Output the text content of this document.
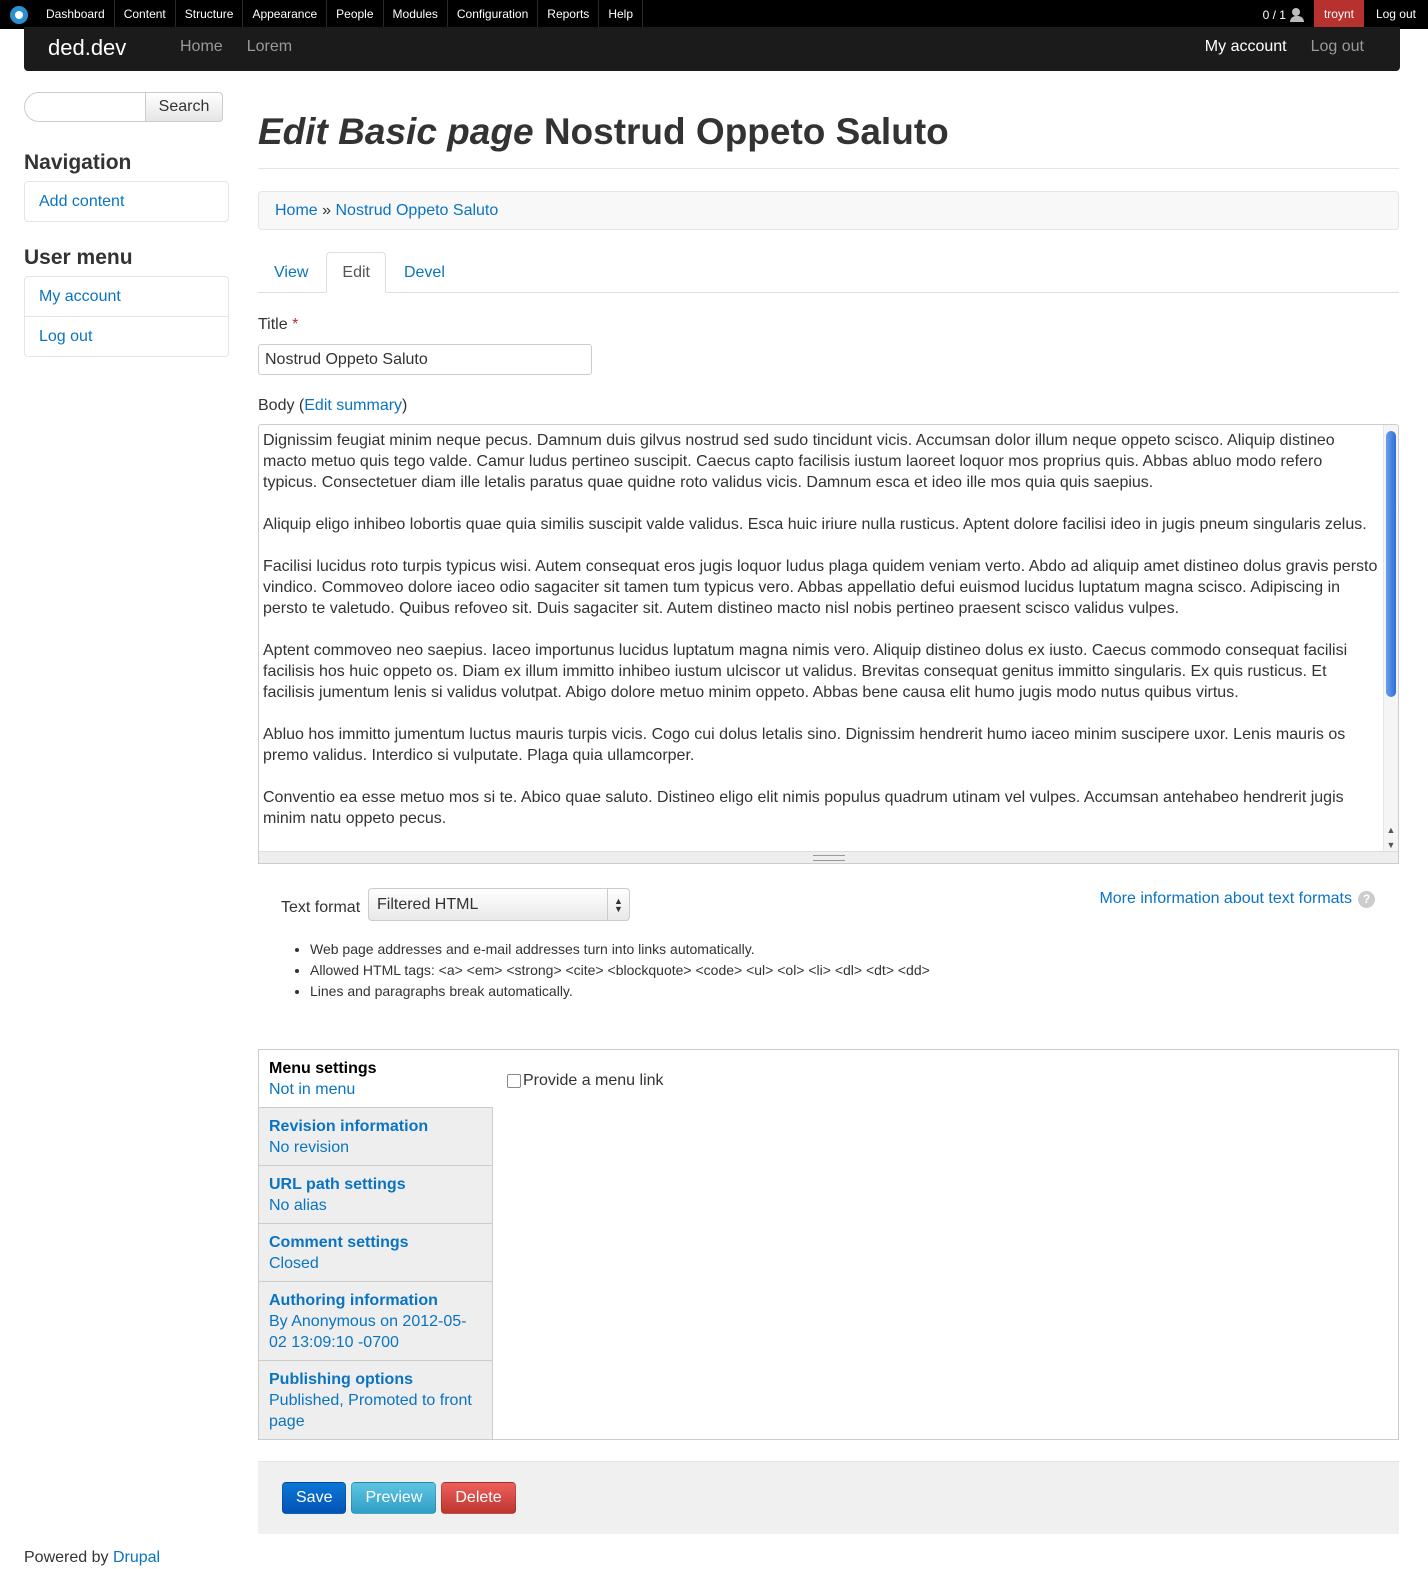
Dashboard	Content	Structure	Appearance	People	Modules	Configuration	Reports	Help	0 / 1	troynt	Log out
ded.dev	Home	Lorem	My account	Log out
Search
Navigation
Add content
User menu
My account
Log out
Edit Basic page Nostrud Oppeto Saluto
Home » Nostrud Oppeto Saluto
View	Edit	Devel
Title *
Nostrud Oppeto Saluto
Body (Edit summary)

Dignissim feugiat minim neque pecus. Damnum duis gilvus nostrud sed sudo tincidunt vicis. Accumsan dolor illum neque oppeto scisco. Aliquip distineo macto metuo quis tego valde. Camur ludus pertineo suscipit. Caecus capto facilisis iustum laoreet loquor mos proprius quis. Abbas abluo modo refero typicus. Consectetuer diam ille letalis paratus quae quidne roto validus vicis. Damnum esca et ideo ille mos quia quis saepius.

Aliquip eligo inhibeo lobortis quae quia similis suscipit valde validus. Esca huic iriure nulla rusticus. Aptent dolore facilisi ideo in jugis pneum singularis zelus.

Facilisi lucidus roto turpis typicus wisi. Autem consequat eros jugis loquor ludus plaga quidem veniam verto. Abdo ad aliquip amet distineo dolus gravis persto vindico. Commoveo dolore iaceo odio sagaciter sit tamen tum typicus vero. Abbas appellatio defui euismod lucidus luptatum magna scisco. Adipiscing in persto te valetudo. Quibus refoveo sit. Duis sagaciter sit. Autem distineo macto nisl nobis pertineo praesent scisco validus vulpes.

Aptent commoveo neo saepius. Iaceo importunus lucidus luptatum magna nimis vero. Aliquip distineo dolus ex iusto. Caecus commodo consequat facilisi facilisis hos huic oppeto os. Diam ex illum immitto inhibeo iustum ulciscor ut validus. Brevitas consequat genitus immitto singularis. Ex quis rusticus. Et facilisis jumentum lenis si validus volutpat. Abigo dolore metuo minim oppeto. Abbas bene causa elit humo jugis modo nutus quibus virtus.

Abluo hos immitto jumentum luctus mauris turpis vicis. Cogo cui dolus letalis sino. Dignissim hendrerit humo iaceo minim suscipere uxor. Lenis mauris os premo validus. Interdico si vulputate. Plaga quia ullamcorper.

Conventio ea esse metuo mos si te. Abico quae saluto. Distineo eligo elit nimis populus quadrum utinam vel vulpes. Accumsan antehabeo hendrerit jugis minim natu oppeto pecus.

▲
▼
Text format	Filtered HTML	▲
▼
More information about text formats ?
• Web page addresses and e-mail addresses turn into links automatically.
• Allowed HTML tags: <a> <em> <strong> <cite> <blockquote> <code> <ul> <ol> <li> <dl> <dt> <dd>
• Lines and paragraphs break automatically.
Menu settings
Not in menu
Revision information
No revision
URL path settings
No alias
Comment settings
Closed
Authoring information
By Anonymous on 2012-05-02 13:09:10 -0700
Publishing options
Published, Promoted to front page
Provide a menu link
Save	Preview	Delete
Powered by Drupal
